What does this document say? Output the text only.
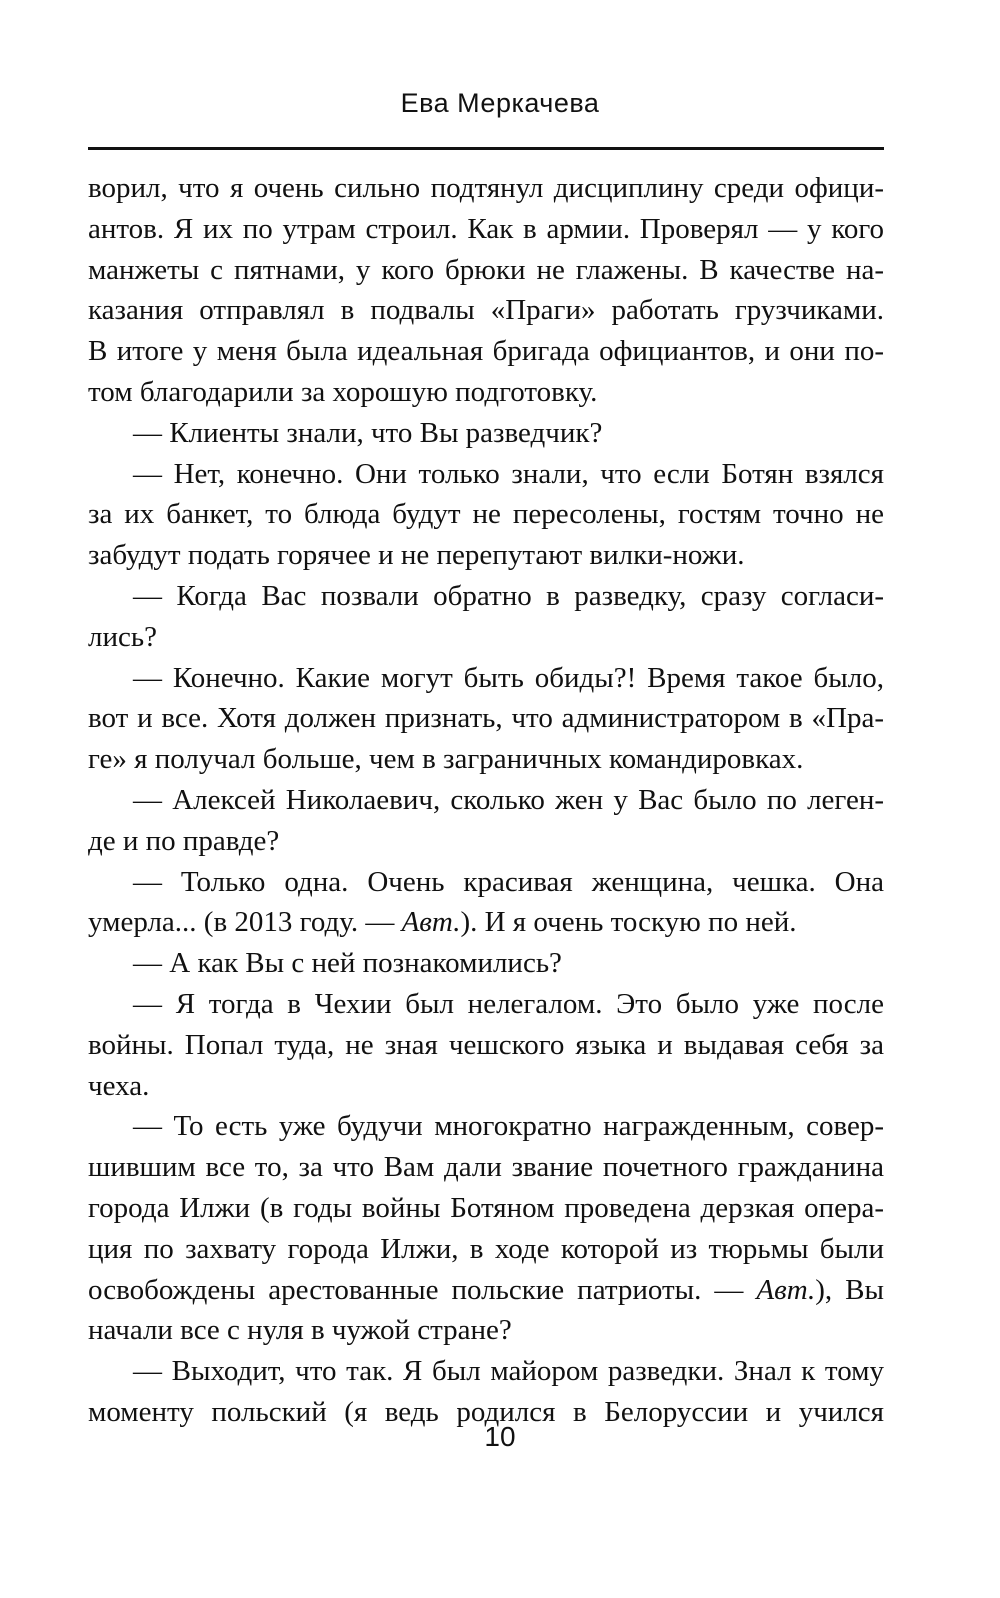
Ева Меркачева
ворил, что я очень сильно подтянул дисциплину среди офици-
антов. Я их по утрам строил. Как в армии. Проверял — у кого
манжеты с пятнами, у кого брюки не глажены. В качестве на-
казания отправлял в подвалы «Праги» работать грузчиками.
В итоге у меня была идеальная бригада официантов, и они по-
том благодарили за хорошую подготовку.
— Клиенты знали, что Вы разведчик?
— Нет, конечно. Они только знали, что если Ботян взялся
за их банкет, то блюда будут не пересолены, гостям точно не
забудут подать горячее и не перепутают вилки-ножи.
— Когда Вас позвали обратно в разведку, сразу согласи-
лись?
— Конечно. Какие могут быть обиды?! Время такое было,
вот и все. Хотя должен признать, что администратором в «Пра-
ге» я получал больше, чем в заграничных командировках.
— Алексей Николаевич, сколько жен у Вас было по леген-
де и по правде?
— Только одна. Очень красивая женщина, чешка. Она
умерла... (в 2013 году. — Авт.). И я очень тоскую по ней.
— А как Вы с ней познакомились?
— Я тогда в Чехии был нелегалом. Это было уже после
войны. Попал туда, не зная чешского языка и выдавая себя за
чеха.
— То есть уже будучи многократно награжденным, совер-
шившим все то, за что Вам дали звание почетного гражданина
города Илжи (в годы войны Ботяном проведена дерзкая опера-
ция по захвату города Илжи, в ходе которой из тюрьмы были
освобождены арестованные польские патриоты. — Авт.), Вы
начали все с нуля в чужой стране?
— Выходит, что так. Я был майором разведки. Знал к тому
моменту польский (я ведь родился в Белоруссии и учился
10
